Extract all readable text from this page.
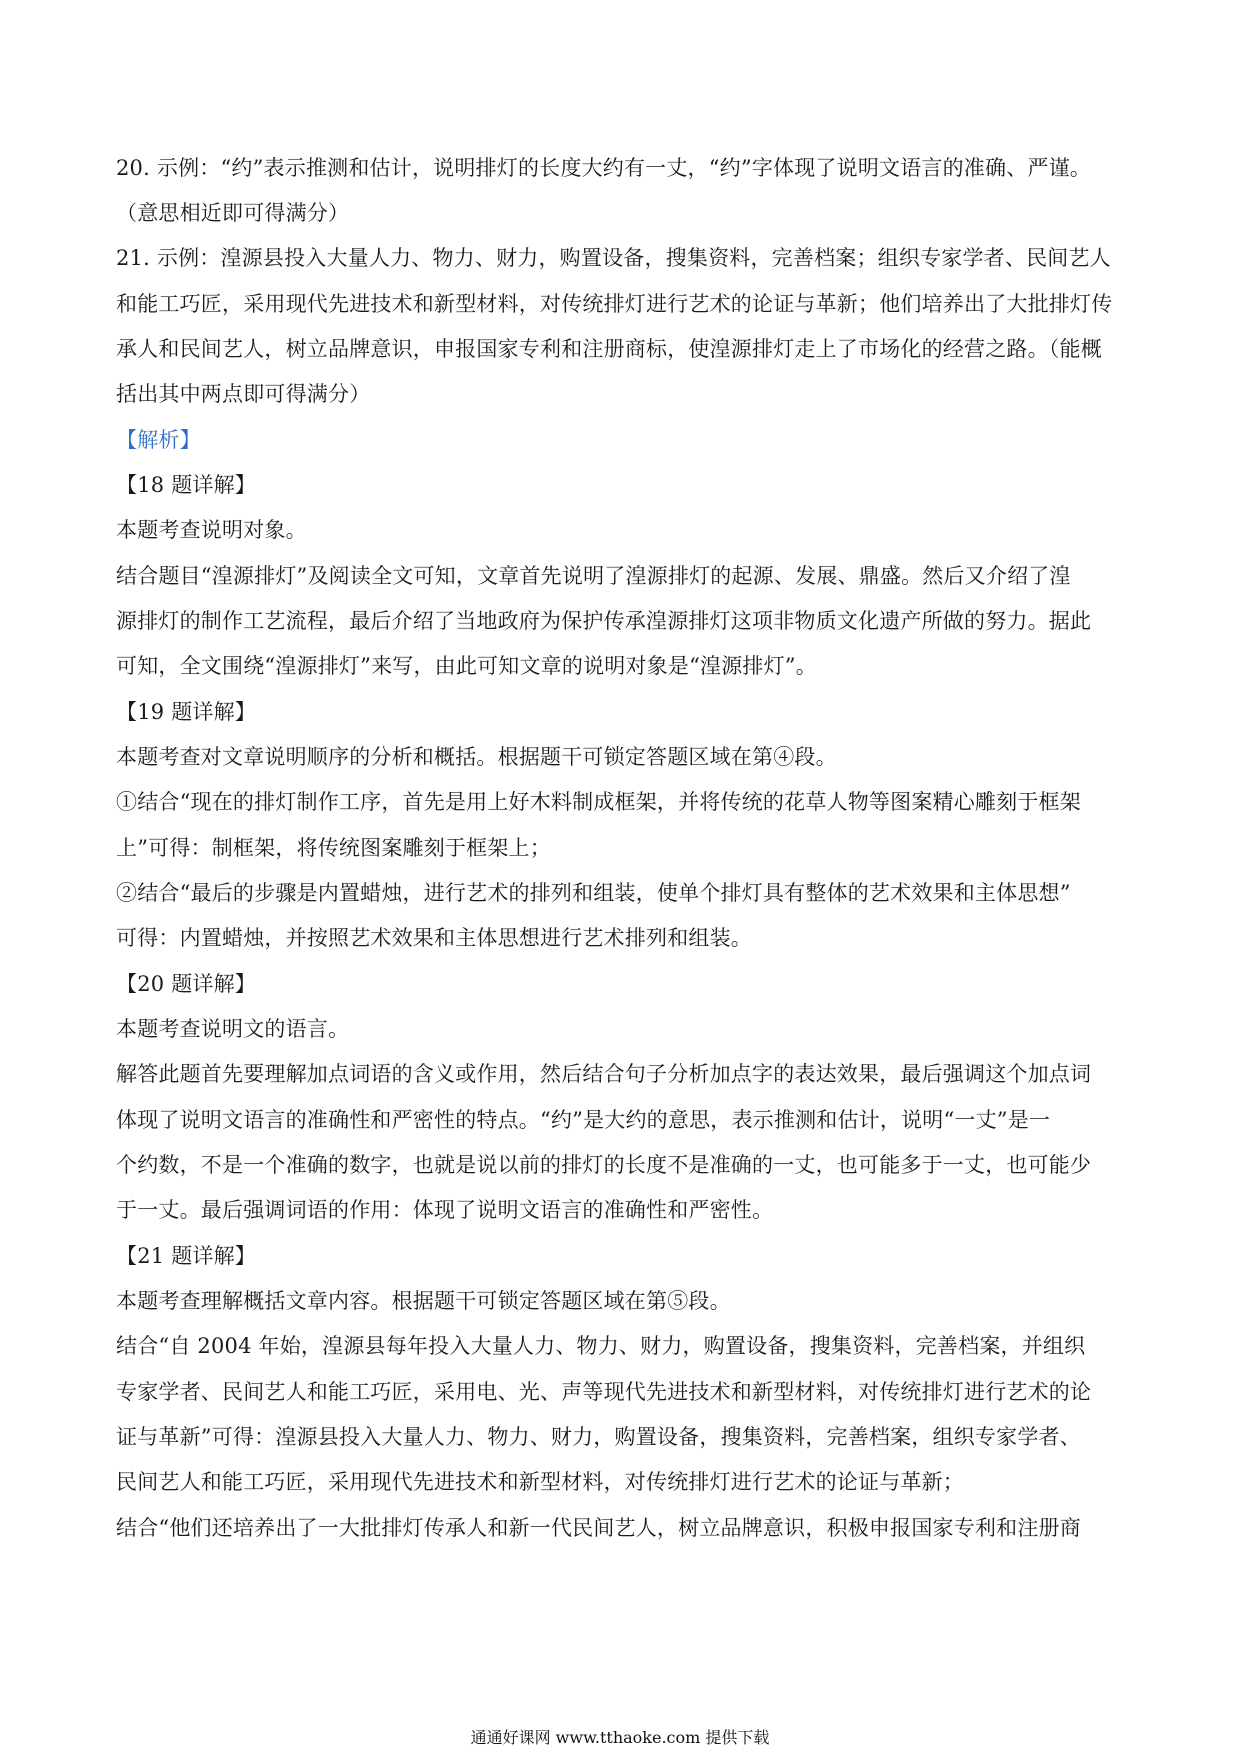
20. 示例：“约”表示推测和估计，说明排灯的长度大约有一丈，“约”字体现了说明文语言的准确、严谨。
（意思相近即可得满分）
21. 示例：湟源县投入大量人力、物力、财力，购置设备，搜集资料，完善档案；组织专家学者、民间艺人
和能工巧匠，采用现代先进技术和新型材料，对传统排灯进行艺术的论证与革新；他们培养出了大批排灯传
承人和民间艺人，树立品牌意识，申报国家专利和注册商标，使湟源排灯走上了市场化的经营之路。（能概
括出其中两点即可得满分）
【解析】
【18 题详解】
本题考查说明对象。
结合题目“湟源排灯”及阅读全文可知，文章首先说明了湟源排灯的起源、发展、鼎盛。然后又介绍了湟
源排灯的制作工艺流程，最后介绍了当地政府为保护传承湟源排灯这项非物质文化遗产所做的努力。据此
可知，全文围绕“湟源排灯”来写，由此可知文章的说明对象是“湟源排灯”。
【19 题详解】
本题考查对文章说明顺序的分析和概括。根据题干可锁定答题区域在第④段。
①结合“现在的排灯制作工序，首先是用上好木料制成框架，并将传统的花草人物等图案精心雕刻于框架
上”可得：制框架，将传统图案雕刻于框架上；
②结合“最后的步骤是内置蜡烛，进行艺术的排列和组装，使单个排灯具有整体的艺术效果和主体思想”
可得：内置蜡烛，并按照艺术效果和主体思想进行艺术排列和组装。
【20 题详解】
本题考查说明文的语言。
解答此题首先要理解加点词语的含义或作用，然后结合句子分析加点字的表达效果，最后强调这个加点词
体现了说明文语言的准确性和严密性的特点。“约”是大约的意思，表示推测和估计，说明“一丈”是一
个约数，不是一个准确的数字，也就是说以前的排灯的长度不是准确的一丈，也可能多于一丈，也可能少
于一丈。最后强调词语的作用：体现了说明文语言的准确性和严密性。
【21 题详解】
本题考查理解概括文章内容。根据题干可锁定答题区域在第⑤段。
结合“自 2004 年始，湟源县每年投入大量人力、物力、财力，购置设备，搜集资料，完善档案，并组织
专家学者、民间艺人和能工巧匠，采用电、光、声等现代先进技术和新型材料，对传统排灯进行艺术的论
证与革新”可得：湟源县投入大量人力、物力、财力，购置设备，搜集资料，完善档案，组织专家学者、
民间艺人和能工巧匠，采用现代先进技术和新型材料，对传统排灯进行艺术的论证与革新；
结合“他们还培养出了一大批排灯传承人和新一代民间艺人，树立品牌意识，积极申报国家专利和注册商
通通好课网 www.tthaoke.com 提供下载
